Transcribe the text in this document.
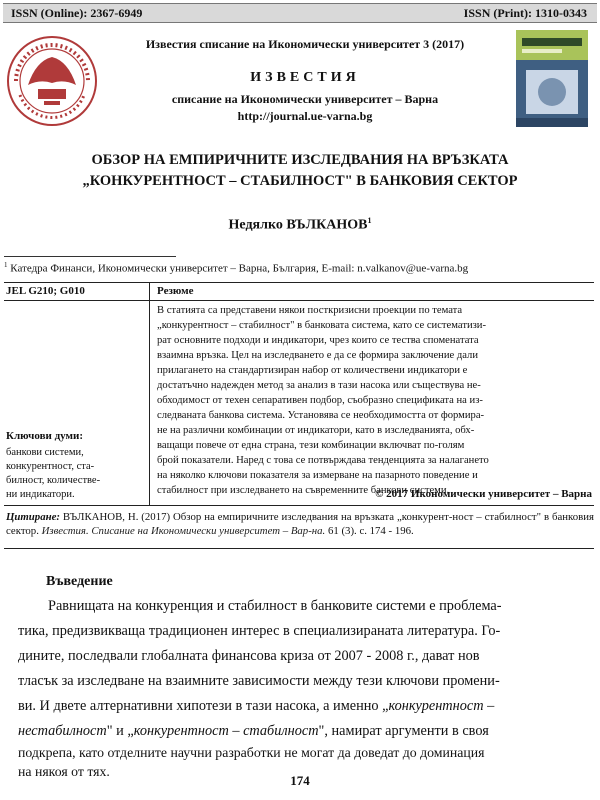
ISSN (Online): 2367-6949	ISSN (Print): 1310-0343
Известия списание на Икономически университет 3 (2017)
ИЗВЕСТИЯ
списание на Икономически университет – Варна
http://journal.ue-varna.bg
ОБЗОР НА ЕМПИРИЧНИТЕ ИЗСЛЕДВАНИЯ НА ВРЪЗКАТА
„КОНКУРЕНТНОСТ – СТАБИЛНОСТ" В БАНКОВИЯ СЕКТОР
Недялко ВЪЛКАНОВ$^1$
$^1$ Катедра Финанси, Икономически университет – Варна, България, E-mail: n.valkanov@ue-varna.bg
JEL G210; G010	Резюме
В статията са представени някои посткризисни проекции по темата
„конкурентност – стабилност" в банковата система, като се систематизи-
рат основните подходи и индикатори, чрез които се тества споменатата
взаимна връзка. Цел на изследването е да се формира заключение дали
прилагането на стандартизиран набор от количествени индикатори е
достатъчно надежден метод за анализ в тази насока или съществува не-
обходимост от техен сепаративен подбор, съобразно спецификата на из-
следваната банкова система. Установява се необходимостта от формира-
не на различни комбинации от индикатори, като в изследванията, обх-
ващащи повече от една страна, тези комбинации включват по-голям
брой показатели. Наред с това се потвърждава тенденцията за налагането
на няколко ключови показателя за измерване на пазарното поведение и
стабилност при изследването на съвременните банкови системи.
Ключови думи:
банкови системи,
конкурентност, ста-
билност, количестве-
ни индикатори.	© 2017 Икономически университет – Варна
Цитиране: ВЪЛКАНОВ, Н. (2017) Обзор на емпиричните изследвания на връзката „конкурент-ност – стабилност" в банковия сектор. Известия. Списание на Икономически университет – Вар-на. 61 (3). с. 174 - 196.
Въведение
Равнищата на конкуренция и стабилност в банковите системи е проблема-
тика, предизвикваща традиционен интерес в специализираната литература. Го-
дините, последвали глобалната финансова криза от 2007 - 2008 г., дават нов
тласък за изследване на взаимните зависимости между тези ключови промени-
ви. И двете алтернативни хипотези в тази насока, а именно „конкурентност –
нестабилност" и „конкурентност – стабилност", намират аргументи в своя
подкрепа, като отделните научни разработки не могат да доведат до доминация
на някоя от тях.
174
